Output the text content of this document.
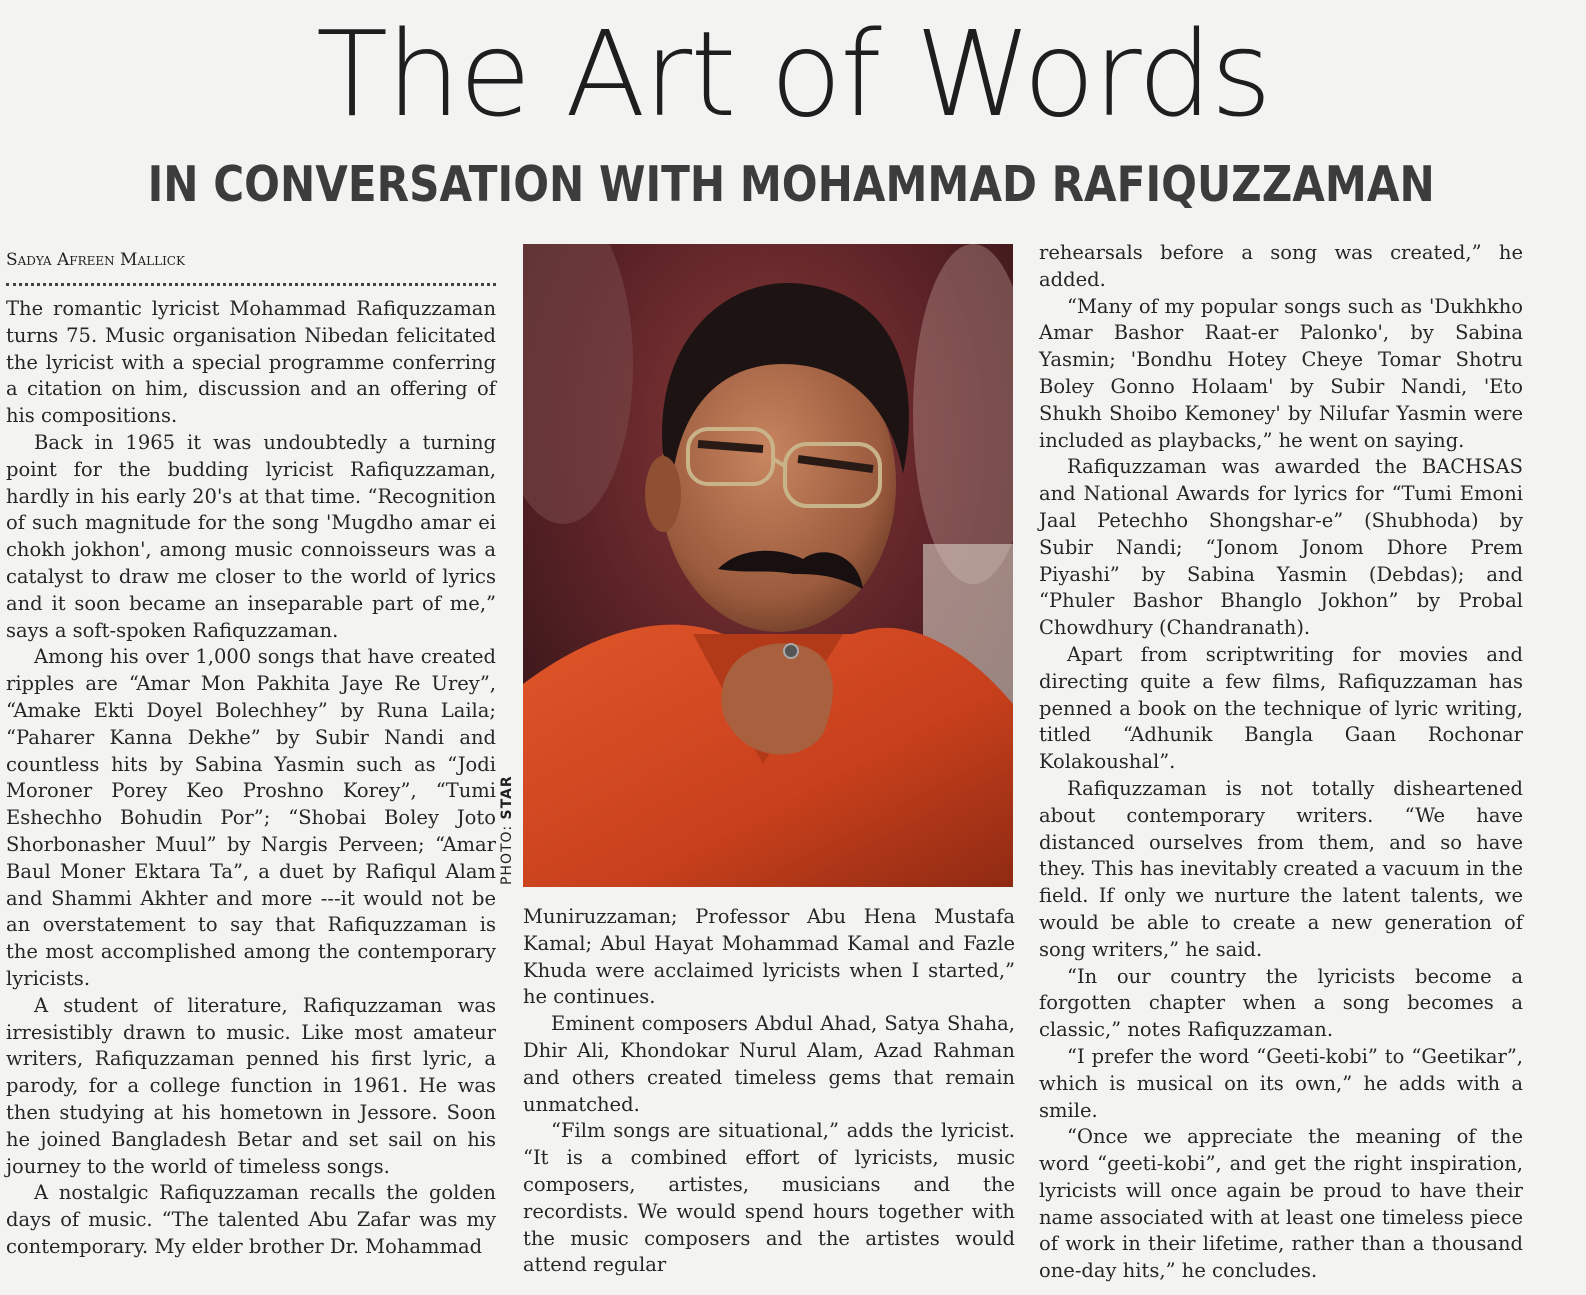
The Art of Words
IN CONVERSATION WITH MOHAMMAD RAFIQUZZAMAN
Sadya Afreen Mallick

The romantic lyricist Mohammad Rafiquzzaman turns 75. Music organisation Nibedan felicitated the lyricist with a special programme conferring a citation on him, discussion and an offering of his compositions.

Back in 1965 it was undoubtedly a turning point for the budding lyricist Rafiquzzaman, hardly in his early 20's at that time. “Recognition of such magnitude for the song 'Mugdho amar ei chokh jokhon', among music connoisseurs was a catalyst to draw me closer to the world of lyrics and it soon became an inseparable part of me,” says a soft-spoken Rafiquzzaman.

Among his over 1,000 songs that have created ripples are “Amar Mon Pakhita Jaye Re Urey”, “Amake Ekti Doyel Bolechhey” by Runa Laila; “Paharer Kanna Dekhe” by Subir Nandi and countless hits by Sabina Yasmin such as “Jodi Moroner Porey Keo Proshno Korey”, “Tumi Eshechho Bohudin Por”; “Shobai Boley Joto Shorbonasher Muul” by Nargis Perveen; “Amar Baul Moner Ektara Ta”, a duet by Rafiqul Alam and Shammi Akhter and more ---it would not be an overstatement to say that Rafiquzzaman is the most accomplished among the contemporary lyricists.

A student of literature, Rafiquzzaman was irresistibly drawn to music. Like most amateur writers, Rafiquzzaman penned his first lyric, a parody, for a college function in 1961. He was then studying at his hometown in Jessore. Soon he joined Bangladesh Betar and set sail on his journey to the world of timeless songs.

A nostalgic Rafiquzzaman recalls the golden days of music. “The talented Abu Zafar was my contemporary. My elder brother Dr. Mohammad

PHOTO: STAR

Muniruzzaman; Professor Abu Hena Mustafa Kamal; Abul Hayat Mohammad Kamal and Fazle Khuda were acclaimed lyricists when I started,” he continues.

Eminent composers Abdul Ahad, Satya Shaha, Dhir Ali, Khondokar Nurul Alam, Azad Rahman and others created timeless gems that remain unmatched.

“Film songs are situational,” adds the lyricist. “It is a combined effort of lyricists, music composers, artistes, musicians and the recordists. We would spend hours together with the music composers and the artistes would attend regular

rehearsals before a song was created,” he added.

“Many of my popular songs such as 'Dukhkho Amar Bashor Raat-er Palonko', by Sabina Yasmin; 'Bondhu Hotey Cheye Tomar Shotru Boley Gonno Holaam' by Subir Nandi, 'Eto Shukh Shoibo Kemoney' by Nilufar Yasmin were included as playbacks,” he went on saying.

Rafiquzzaman was awarded the BACHSAS and National Awards for lyrics for “Tumi Emoni Jaal Petechho Shongshar-e” (Shubhoda) by Subir Nandi; “Jonom Jonom Dhore Prem Piyashi” by Sabina Yasmin (Debdas); and “Phuler Bashor Bhanglo Jokhon” by Probal Chowdhury (Chandranath).

Apart from scriptwriting for movies and directing quite a few films, Rafiquzzaman has penned a book on the technique of lyric writing, titled “Adhunik Bangla Gaan Rochonar Kolakoushal”.

Rafiquzzaman is not totally disheartened about contemporary writers. “We have distanced ourselves from them, and so have they. This has inevitably created a vacuum in the field. If only we nurture the latent talents, we would be able to create a new generation of song writers,” he said.

“In our country the lyricists become a forgotten chapter when a song becomes a classic,” notes Rafiquzzaman.

“I prefer the word “Geeti-kobi” to “Geetikar”, which is musical on its own,” he adds with a smile.

“Once we appreciate the meaning of the word “geeti-kobi”, and get the right inspiration, lyricists will once again be proud to have their name associated with at least one timeless piece of work in their lifetime, rather than a thousand one-day hits,” he concludes.
